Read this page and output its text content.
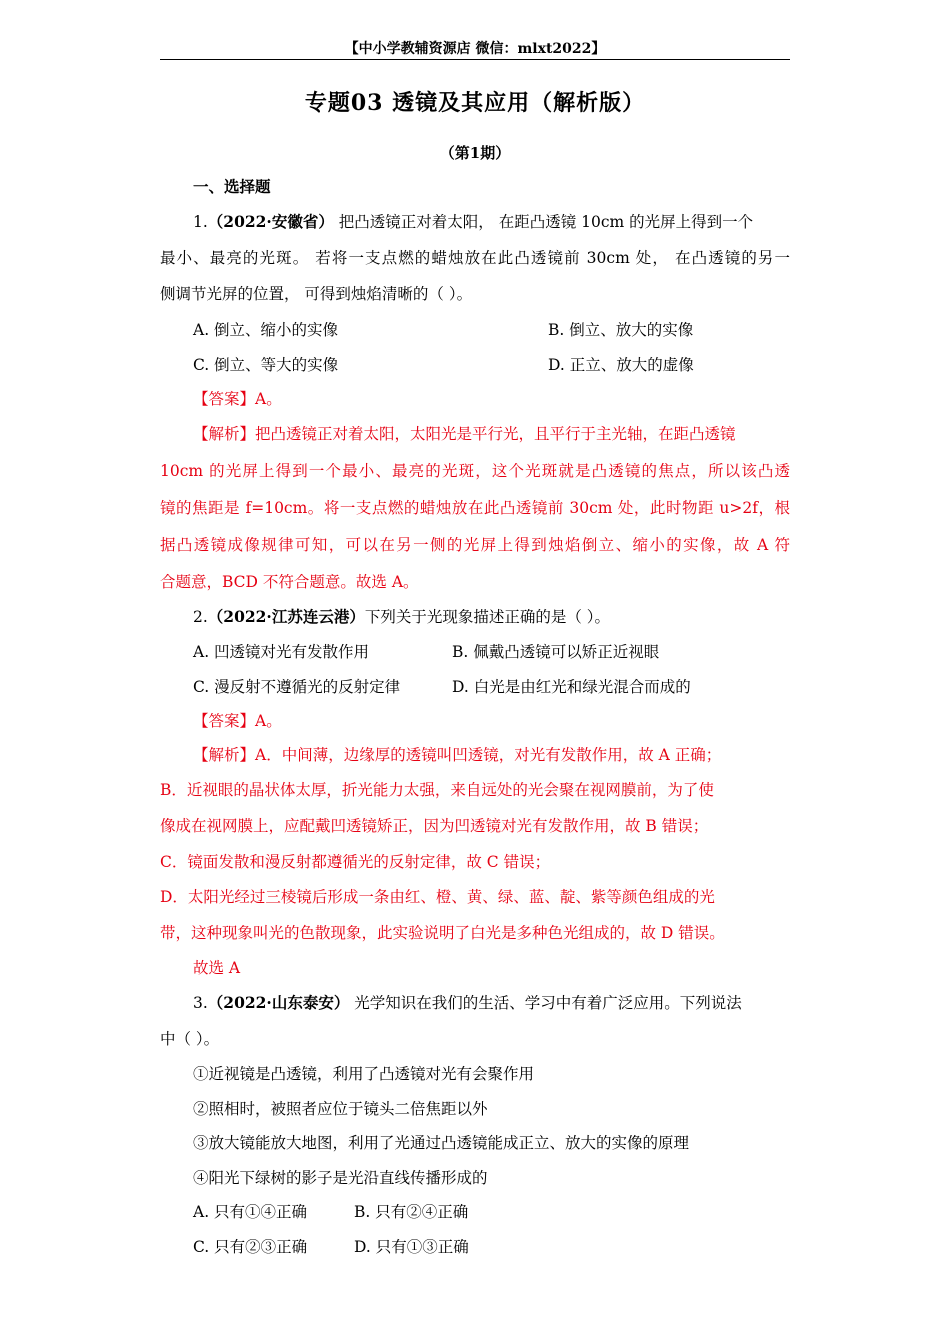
【中小学教辅资源店 微信：mlxt2022】
专题03 透镜及其应用（解析版）
（第1期）
一、选择题
1.（2022·安徽省） 把凸透镜正对着太阳， 在距凸透镜 10cm 的光屏上得到一个
最小、最亮的光斑。 若将一支点燃的蜡烛放在此凸透镜前 30cm 处， 在凸透镜的另一
侧调节光屏的位置， 可得到烛焰清晰的（ ）。
A. 倒立、缩小的实像	B. 倒立、放大的实像
C. 倒立、等大的实像	D. 正立、放大的虚像
【答案】A。
【解析】把凸透镜正对着太阳，太阳光是平行光，且平行于主光轴，在距凸透镜
10cm 的光屏上得到一个最小、最亮的光斑，这个光斑就是凸透镜的焦点，所以该凸透
镜的焦距是 f=10cm。将一支点燃的蜡烛放在此凸透镜前 30cm 处，此时物距 u>2f，根
据凸透镜成像规律可知，可以在另一侧的光屏上得到烛焰倒立、缩小的实像，故 A 符
合题意，BCD 不符合题意。故选 A。
2.（2022·江苏连云港）下列关于光现象描述正确的是（ ）。
A. 凹透镜对光有发散作用	B. 佩戴凸透镜可以矫正近视眼
C. 漫反射不遵循光的反射定律	D. 白光是由红光和绿光混合而成的
【答案】A。
【解析】A．中间薄，边缘厚的透镜叫凹透镜，对光有发散作用，故 A 正确；
B．近视眼的晶状体太厚，折光能力太强，来自远处的光会聚在视网膜前，为了使
像成在视网膜上，应配戴凹透镜矫正，因为凹透镜对光有发散作用，故 B 错误；
C．镜面发散和漫反射都遵循光的反射定律，故 C 错误；
D．太阳光经过三棱镜后形成一条由红、橙、黄、绿、蓝、靛、紫等颜色组成的光
带，这种现象叫光的色散现象，此实验说明了白光是多种色光组成的，故 D 错误。
故选 A
3.（2022·山东泰安） 光学知识在我们的生活、学习中有着广泛应用。下列说法
中（ ）。
①近视镜是凸透镜，利用了凸透镜对光有会聚作用
②照相时，被照者应位于镜头二倍焦距以外
③放大镜能放大地图，利用了光通过凸透镜能成正立、放大的实像的原理
④阳光下绿树的影子是光沿直线传播形成的
A. 只有①④正确	B. 只有②④正确
C. 只有②③正确	D. 只有①③正确
